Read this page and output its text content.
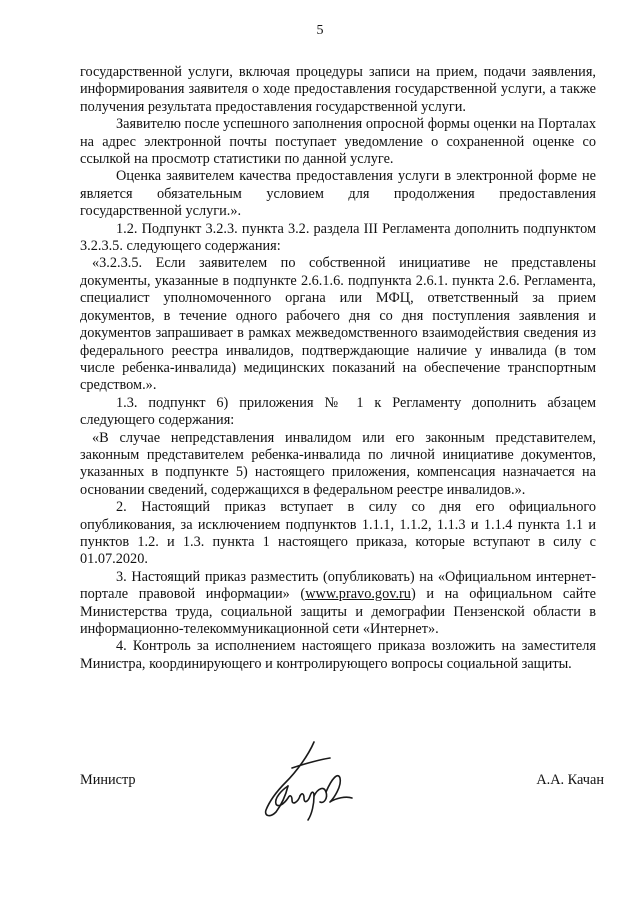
5

государственной услуги, включая процедуры записи на прием, подачи заявления, информирования заявителя о ходе предоставления государственной услуги, а также получения результата предоставления государственной услуги.

Заявителю после успешного заполнения опросной формы оценки на Порталах на адрес электронной почты поступает уведомление о сохраненной оценке со ссылкой на просмотр статистики по данной услуге.

Оценка заявителем качества предоставления услуги в электронной форме не является обязательным условием для продолжения предоставления государственной услуги.».

1.2. Подпункт 3.2.3. пункта 3.2. раздела III Регламента дополнить подпунктом 3.2.3.5. следующего содержания:

«3.2.3.5. Если заявителем по собственной инициативе не представлены документы, указанные в подпункте 2.6.1.6. подпункта 2.6.1. пункта 2.6. Регламента, специалист уполномоченного органа или МФЦ, ответственный за прием документов, в течение одного рабочего дня со дня поступления заявления и документов запрашивает в рамках межведомственного взаимодействия сведения из федерального реестра инвалидов, подтверждающие наличие у инвалида (в том числе ребенка-инвалида) медицинских показаний на обеспечение транспортным средством.».

1.3. подпункт 6) приложения № 1 к Регламенту дополнить абзацем следующего содержания:

«В случае непредставления инвалидом или его законным представителем, законным представителем ребенка-инвалида по личной инициативе документов, указанных в подпункте 5) настоящего приложения, компенсация назначается на основании сведений, содержащихся в федеральном реестре инвалидов.».

2. Настоящий приказ вступает в силу со дня его официального опубликования, за исключением подпунктов 1.1.1, 1.1.2, 1.1.3 и 1.1.4 пункта 1.1 и пунктов 1.2. и 1.3. пункта 1 настоящего приказа, которые вступают в силу с 01.07.2020.

3. Настоящий приказ разместить (опубликовать) на «Официальном интернет-портале правовой информации» (www.pravo.gov.ru) и на официальном сайте Министерства труда, социальной защиты и демографии Пензенской области в информационно-телекоммуникационной сети «Интернет».

4. Контроль за исполнением настоящего приказа возложить на заместителя Министра, координирующего и контролирующего вопросы социальной защиты.

Министр	А.А. Качан
